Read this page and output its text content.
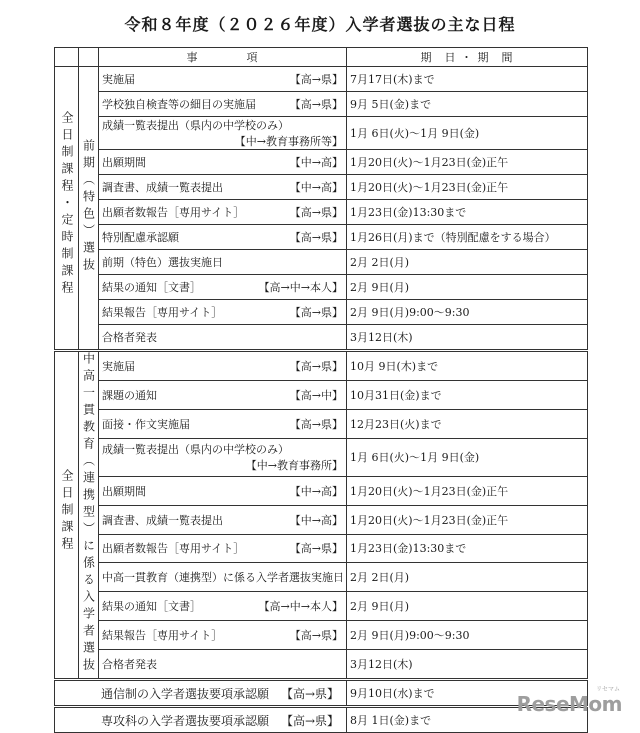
令和８年度（２０２６年度）入学者選抜の主な日程
		事　　　　項	期　日 ・ 期　間
全日制課程・定時制課程	前期（特色）選抜	実施届 【高→県】	7月17日(木)まで

		学校独自検査等の細目の実施届 【高→県】	9月 5日(金)まで
		成績一覧表提出（県内の中学校のみ）
【中→教育事務所等】	1月 6日(火)～1月 9日(金)

		出願期間 【中→高】	1月20日(火)～1月23日(金)正午

		調査書、成績一覧表提出 【中→高】	1月20日(火)～1月23日(金)正午

		出願者数報告［専用サイト］ 【高→県】	1月23日(金)13:30まで

		特別配慮承認願 【高→県】	1月26日(月)まで（特別配慮をする場合）

		前期（特色）選抜実施日	2月 2日(月)

		結果の通知［文書］ 【高→中→本人】	2月 9日(月)

		結果報告［専用サイト］ 【高→県】	2月 9日(月)9:00～9:30

		合格者発表	3月12日(木)
全日制課程	中高一貫教育（連携型）に係る入学者選抜	実施届 【高→県】	10月 9日(木)まで

		課題の通知 【高→中】	10月31日(金)まで

		面接・作文実施届 【高→県】	12月23日(火)まで
		成績一覧表提出（県内の中学校のみ）
【中→教育事務所】	1月 6日(火)～1月 9日(金)

		出願期間 【中→高】	1月20日(火)～1月23日(金)正午

		調査書、成績一覧表提出 【中→高】	1月20日(火)～1月23日(金)正午

		出願者数報告［専用サイト］ 【高→県】	1月23日(金)13:30まで

		中高一貫教育（連携型）に係る入学者選抜実施日	2月 2日(月)

		結果の通知［文書］ 【高→中→本人】	2月 9日(月)

		結果報告［専用サイト］ 【高→県】	2月 9日(月)9:00～9:30

		合格者発表	3月12日(木)

通信制の入学者選抜要項承認願 【高→県】			9月10日(水)まで

専攻科の入学者選抜要項承認願 【高→県】			8月 1日(金)まで
リセマム
ReseMom
